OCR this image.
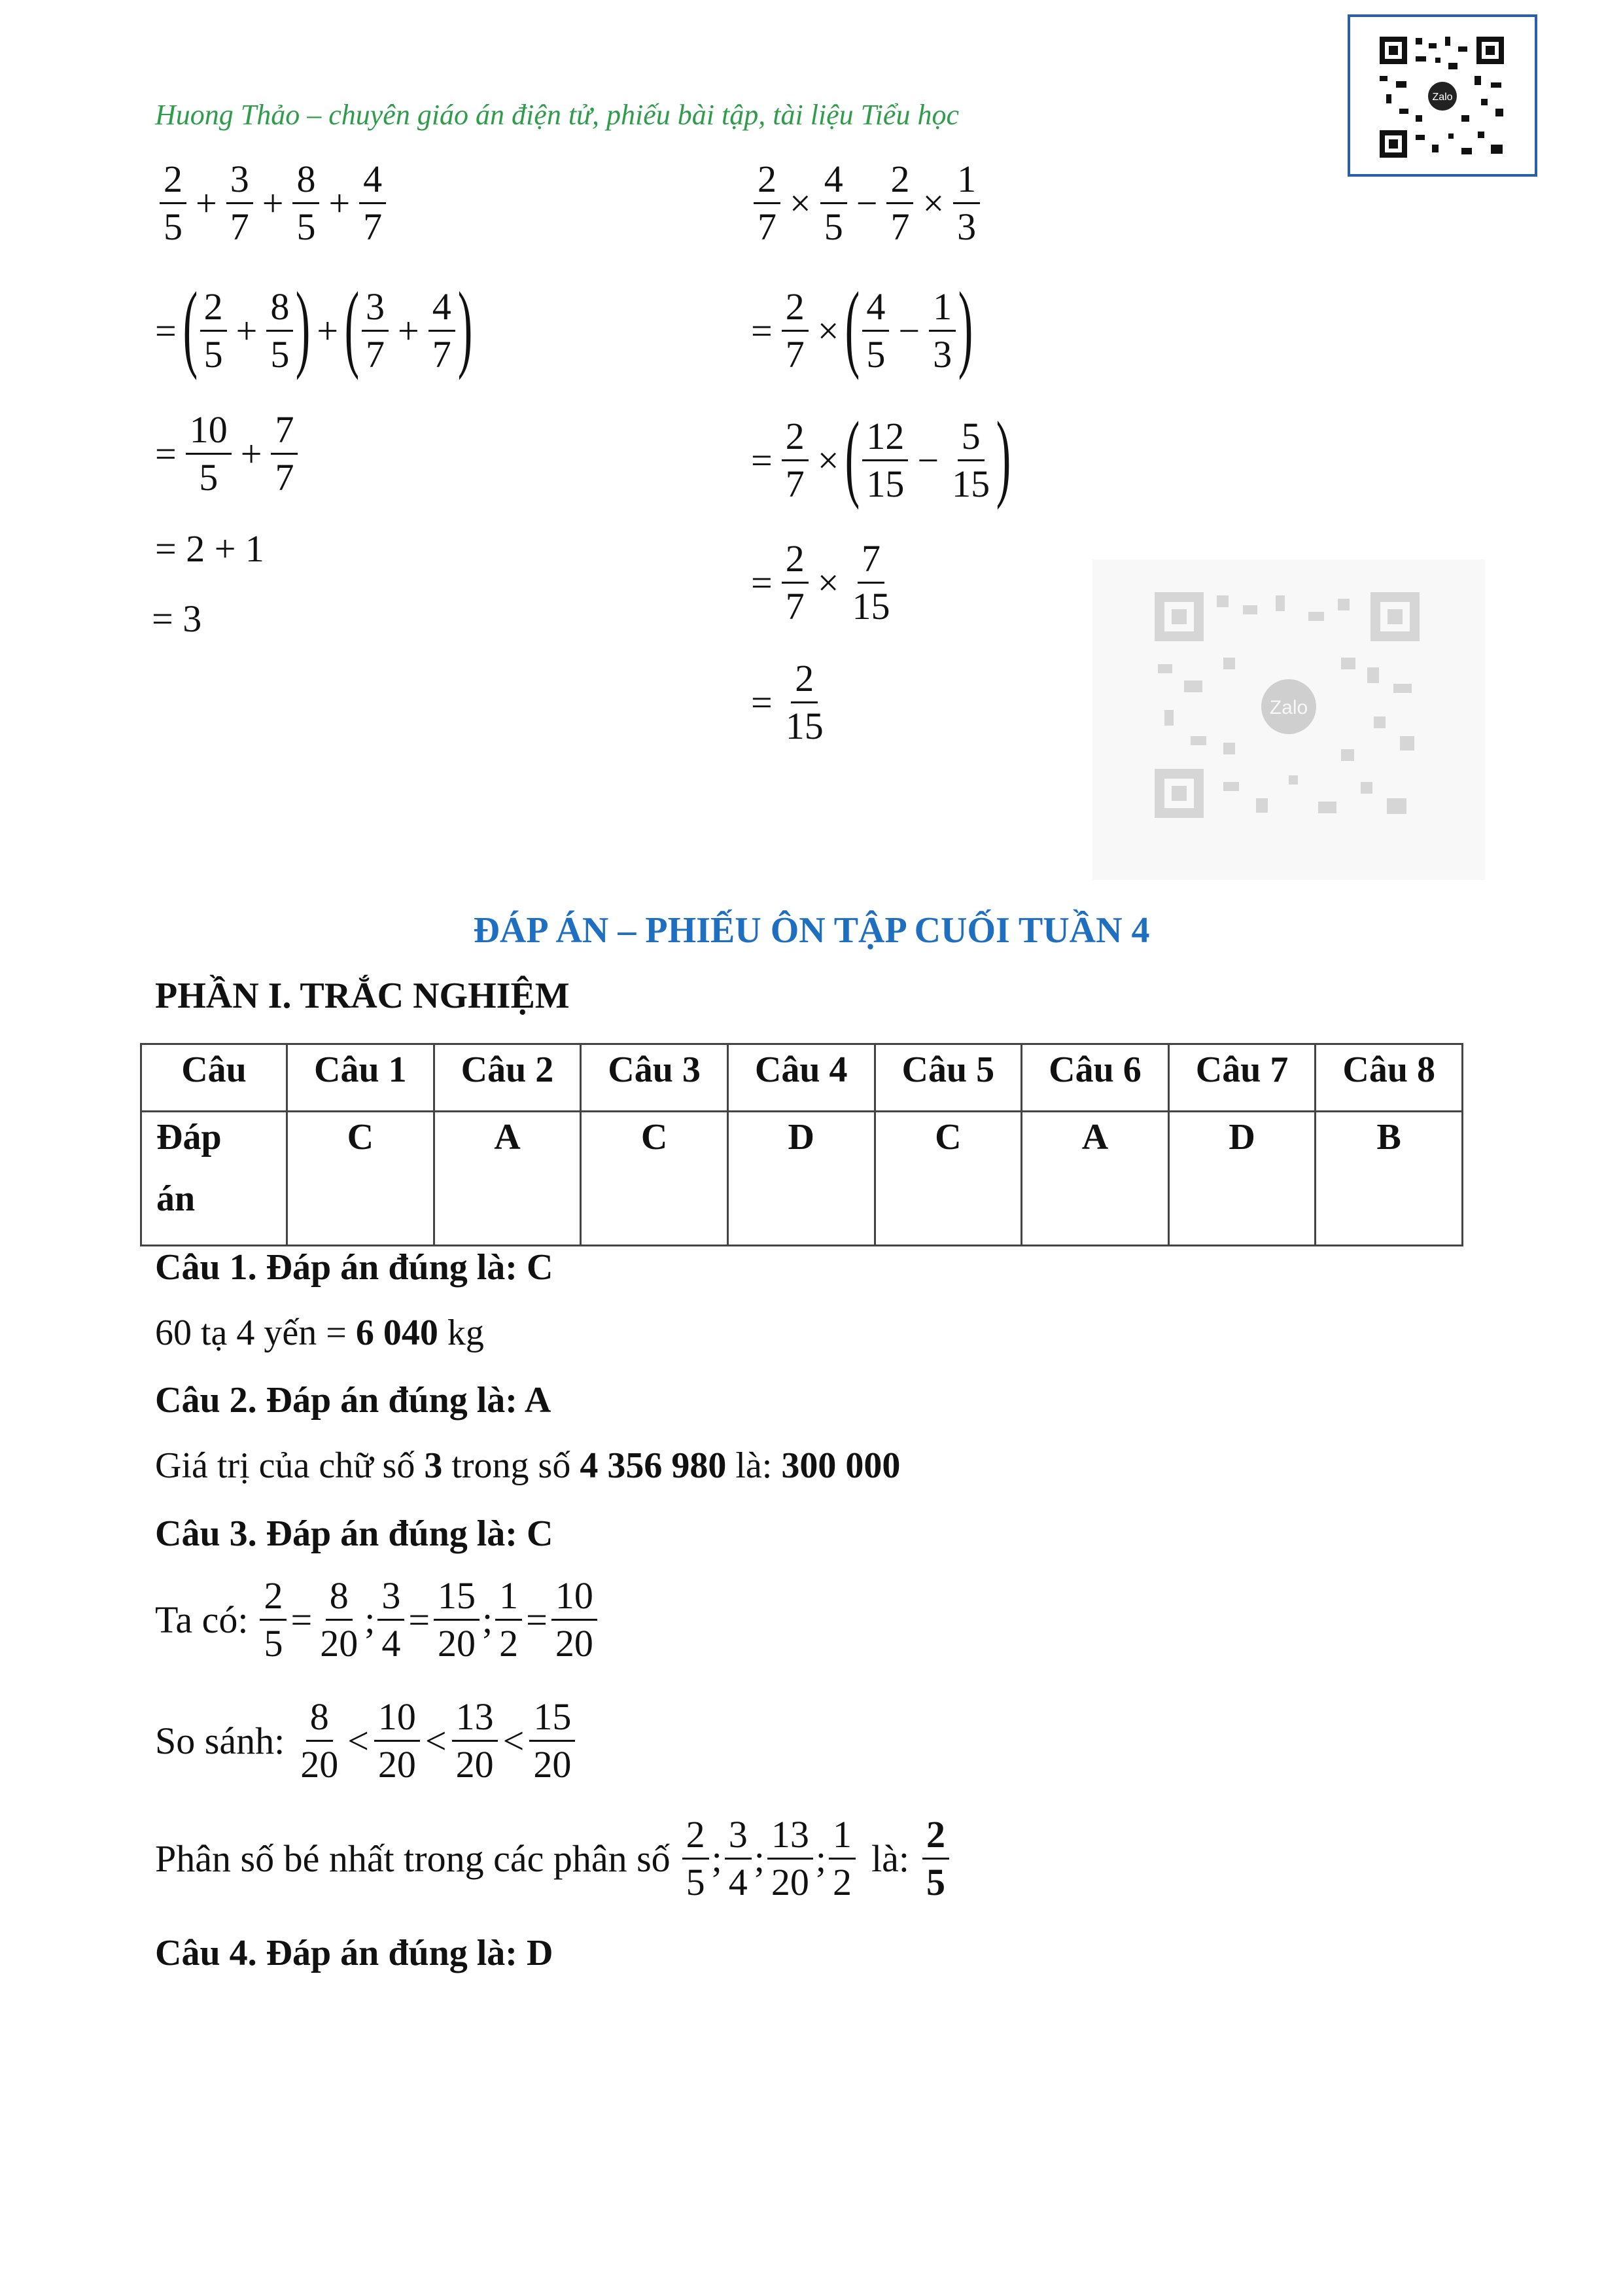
Huong Thảo – chuyên giáo án điện tử, phiếu bài tập, tài liệu Tiểu học
Zalo
Zalo
$\frac{2}{5} + \frac{3}{7} + \frac{8}{5} + \frac{4}{7}$
= ( $\frac{2}{5} + \frac{8}{5}$ ) + ( $\frac{3}{7} + \frac{4}{7}$ )
= $\frac{10}{5} + \frac{7}{7}$
= 2 + 1
= 3
$\frac{2}{7} \times \frac{4}{5} - \frac{2}{7} \times \frac{1}{3}$
= $\frac{2}{7}$ × ( $\frac{4}{5} - \frac{1}{3}$ )
= $\frac{2}{7}$ × ( $\frac{12}{15} - \frac{5}{15}$ )
= $\frac{2}{7} \times \frac{7}{15}$
= $\frac{2}{15}$
ĐÁP ÁN – PHIẾU ÔN TẬP CUỐI TUẦN 4
PHẦN I. TRẮC NGHIỆM
Câu	Câu 1	Câu 2	Câu 3	Câu 4	Câu 5	Câu 6	Câu 7	Câu 8

Đáp
án	C	A	C	D	C	A	D	B
Câu 1. Đáp án đúng là: C
60 tạ 4 yến = 6 040 kg
Câu 2. Đáp án đúng là: A
Giá trị của chữ số 3 trong số 4 356 980 là: 300 000
Câu 3. Đáp án đúng là: C
Ta có: $\frac{2}{5} = \frac{8}{20}$ ; $\frac{3}{4} = \frac{15}{20}$ ; $\frac{1}{2} = \frac{10}{20}$
So sánh: $\frac{8}{20} < \frac{10}{20} < \frac{13}{20} < \frac{15}{20}$
Phân số bé nhất trong các phân số $\frac{2}{5}$ ; $\frac{3}{4}$ ; $\frac{13}{20}$ ; $\frac{1}{2}$ là: $\frac{2}{5}$
Câu 4. Đáp án đúng là: D
